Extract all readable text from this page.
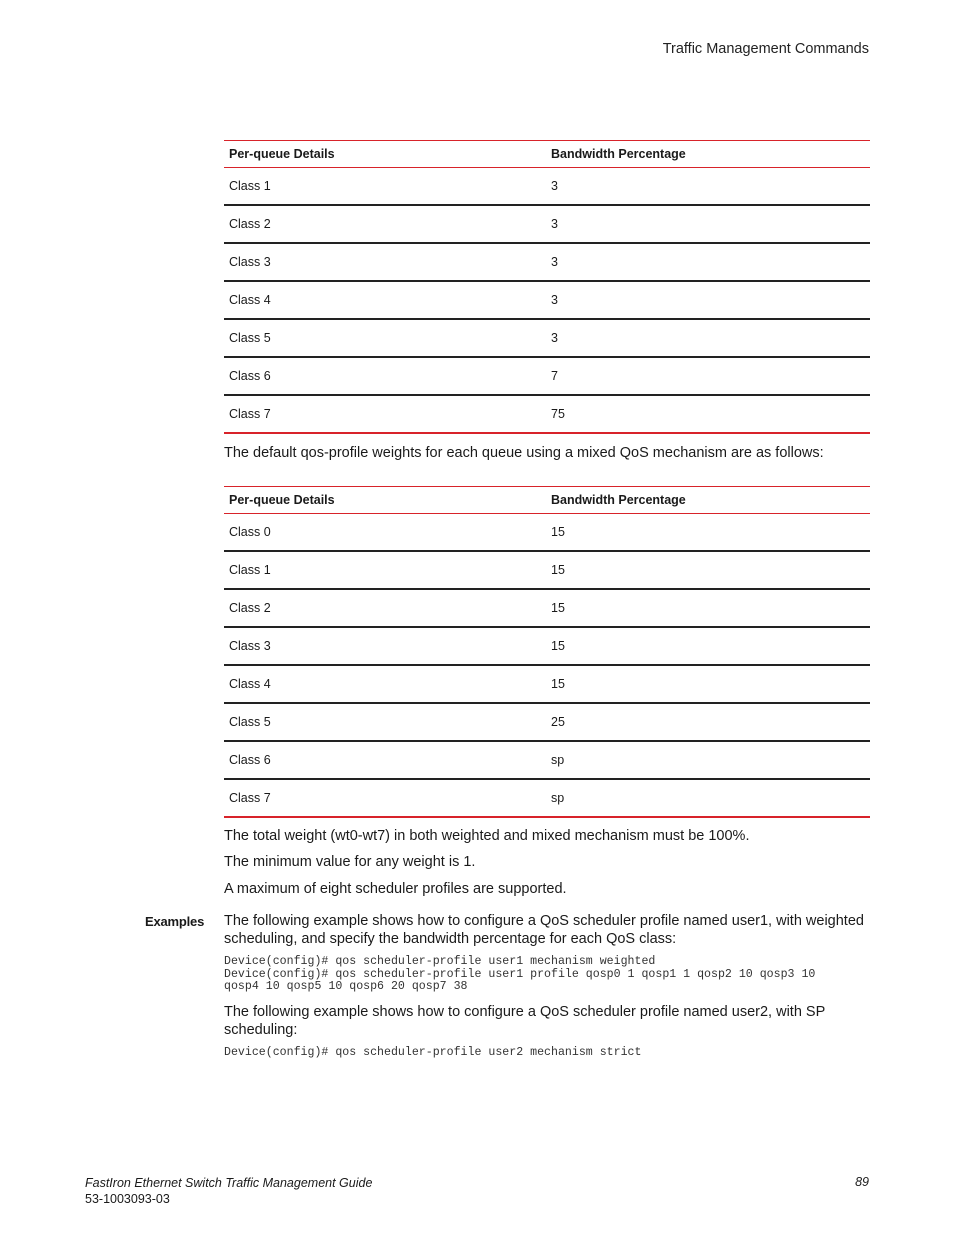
Traffic Management Commands
Per-queue Details	Bandwidth Percentage
Class 1	3
Class 2	3
Class 3	3
Class 4	3
Class 5	3
Class 6	7
Class 7	75

The default qos-profile weights for each queue using a mixed QoS mechanism are as follows:

Per-queue Details	Bandwidth Percentage
Class 0	15
Class 1	15
Class 2	15
Class 3	15
Class 4	15
Class 5	25
Class 6	sp
Class 7	sp

The total weight (wt0-wt7) in both weighted and mixed mechanism must be 100%.

The minimum value for any weight is 1.

A maximum of eight scheduler profiles are supported.

Examples The following example shows how to configure a QoS scheduler profile named user1, with weighted scheduling, and specify the bandwidth percentage for each QoS class:

Device(config)# qos scheduler-profile user1 mechanism weighted
Device(config)# qos scheduler-profile user1 profile qosp0 1 qosp1 1 qosp2 10 qosp3 10
qosp4 10 qosp5 10 qosp6 20 qosp7 38

The following example shows how to configure a QoS scheduler profile named user2, with SP scheduling:

Device(config)# qos scheduler-profile user2 mechanism strict
FastIron Ethernet Switch Traffic Management Guide
53-1003093-03
89
